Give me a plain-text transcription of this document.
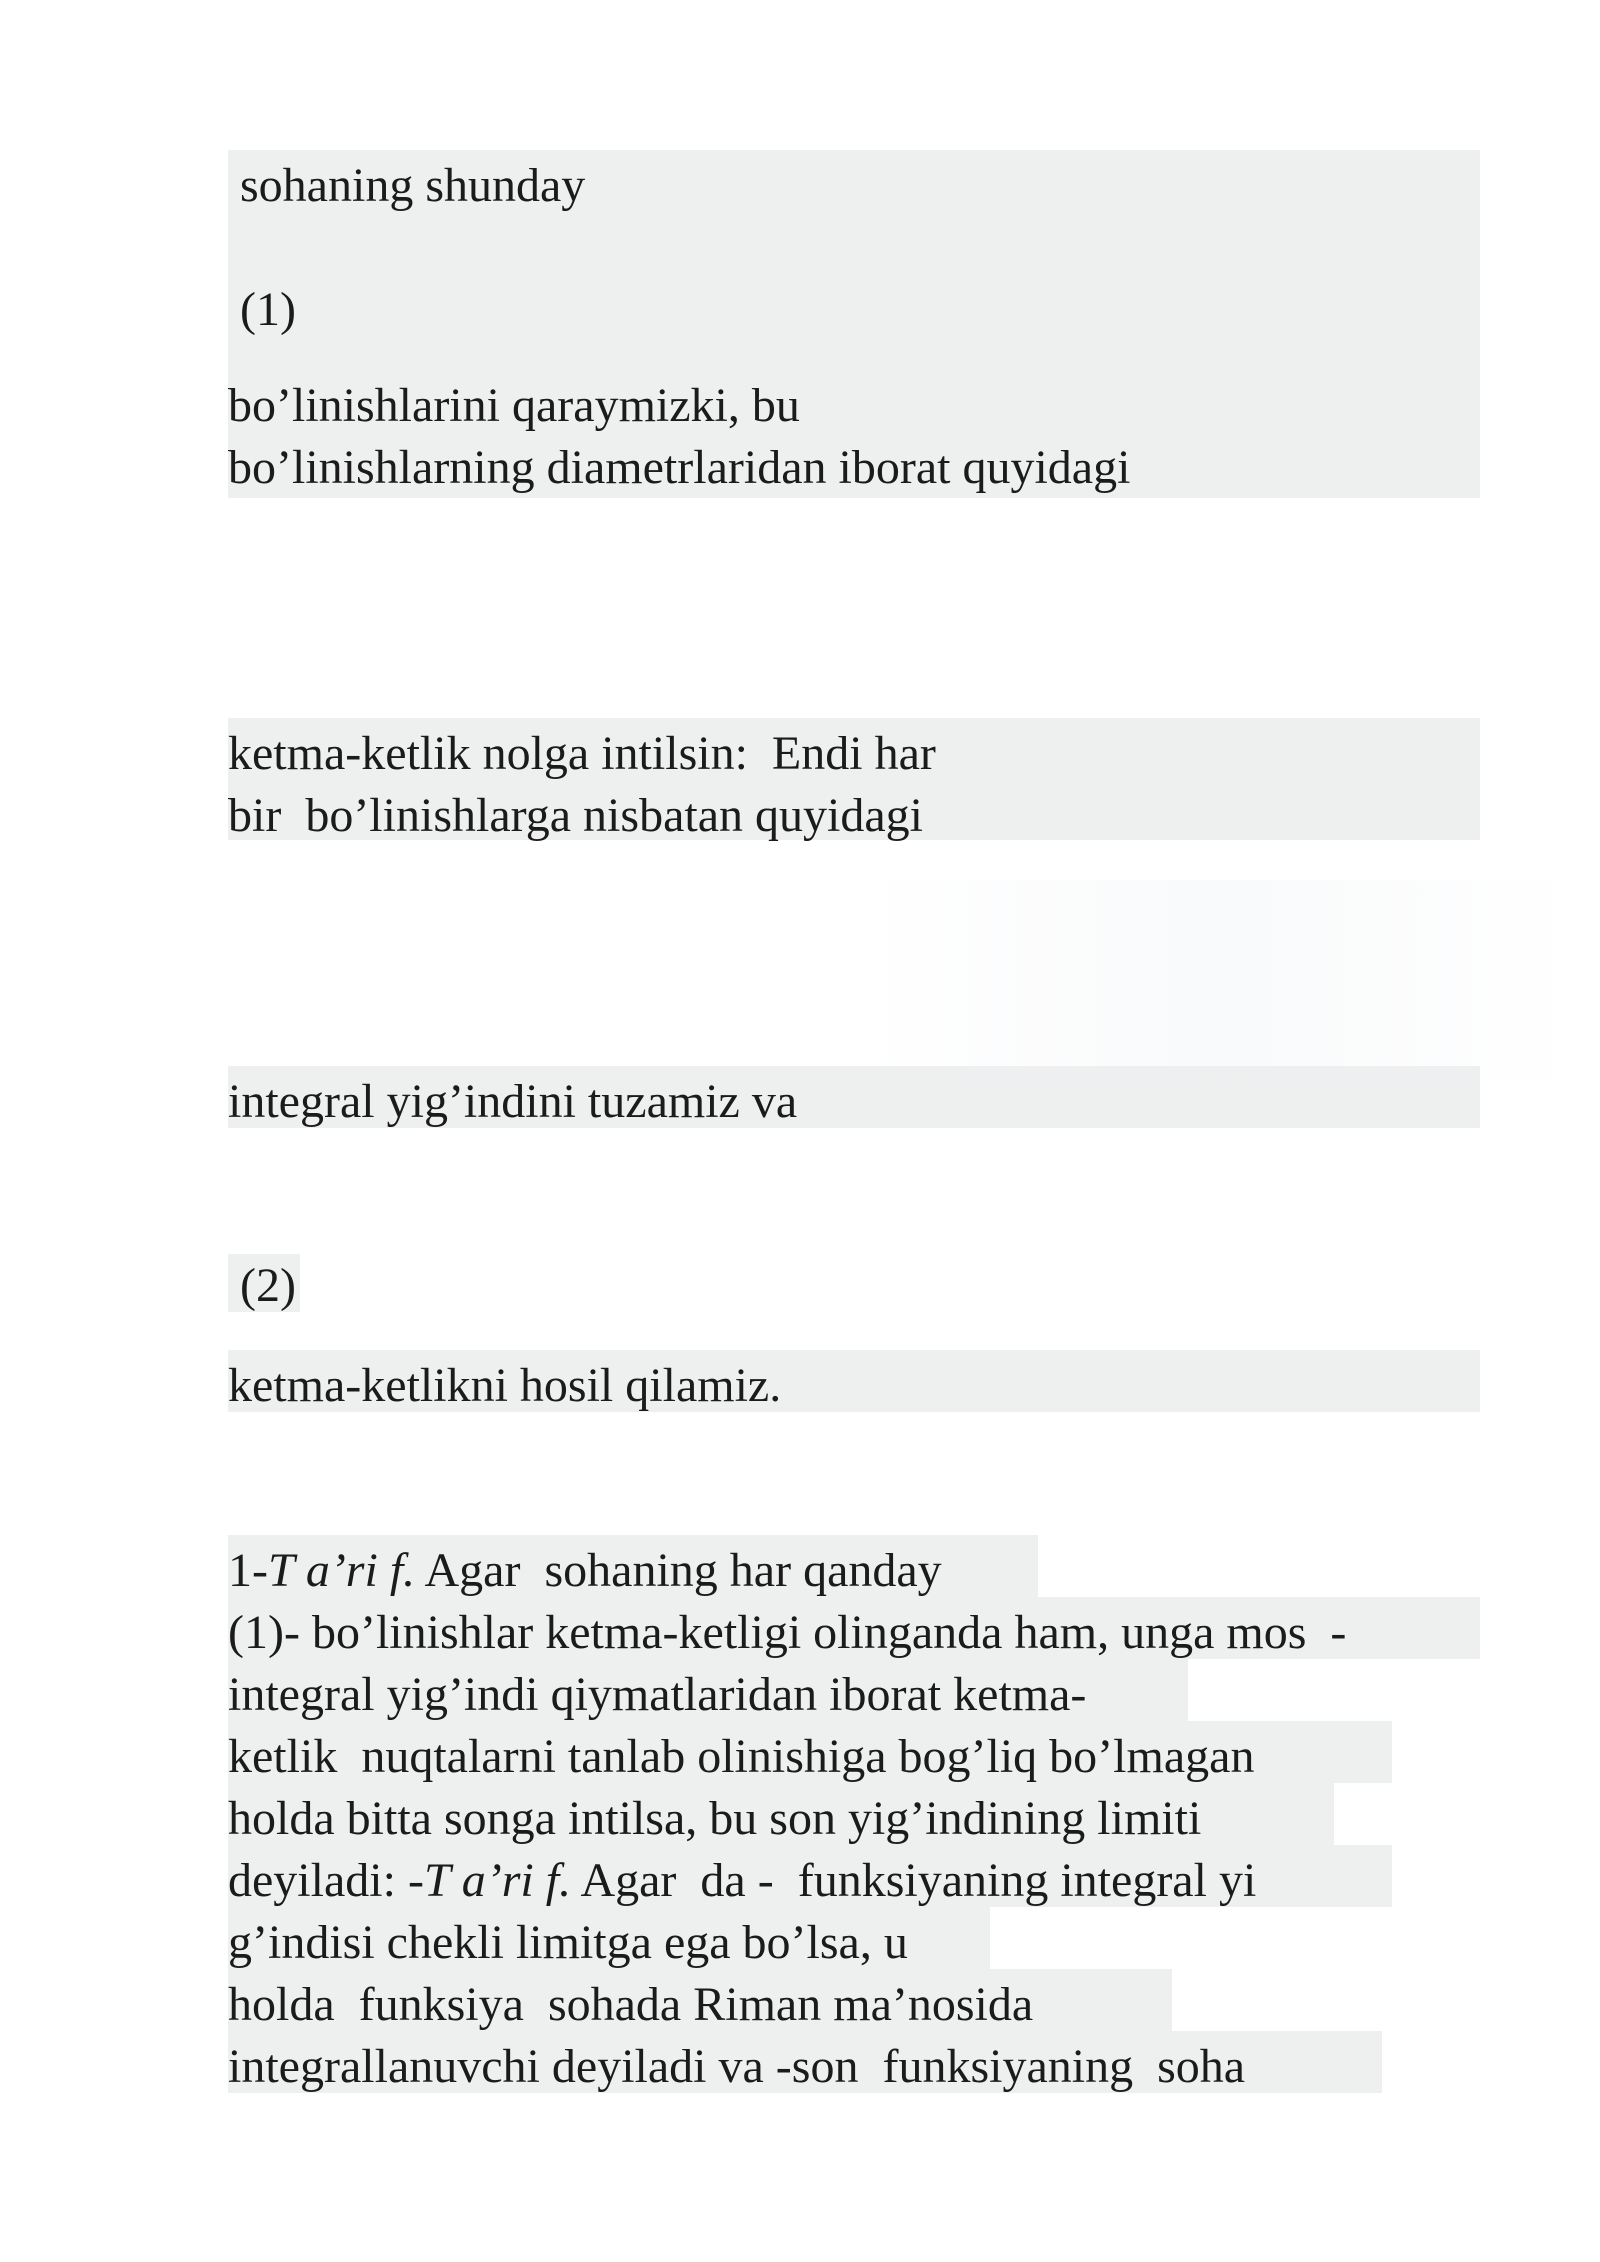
sohaning shunday
(1)
bo’linishlarini qaraymizki, bu
bo’linishlarning diametrlaridan iborat quyidagi
ketma-ketlik nolga intilsin:  Endi har
bir  bo’linishlarga nisbatan quyidagi
integral yig’indini tuzamiz va
(2)
ketma-ketlikni hosil qilamiz.
1-T a’ri f. Agar  sohaning har qanday
(1)- bo’linishlar ketma-ketligi olinganda ham, unga mos  -
integral yig’indi qiymatlaridan iborat ketma-
ketlik  nuqtalarni tanlab olinishiga bog’liq bo’lmagan
holda bitta songa intilsa, bu son yig’indining limiti
deyiladi: -T a’ri f. Agar  da -  funksiyaning integral yi
g’indisi chekli limitga ega bo’lsa, u
holda  funksiya  sohada Riman ma’nosida
integrallanuvchi deyiladi va -son  funksiyaning  soha
